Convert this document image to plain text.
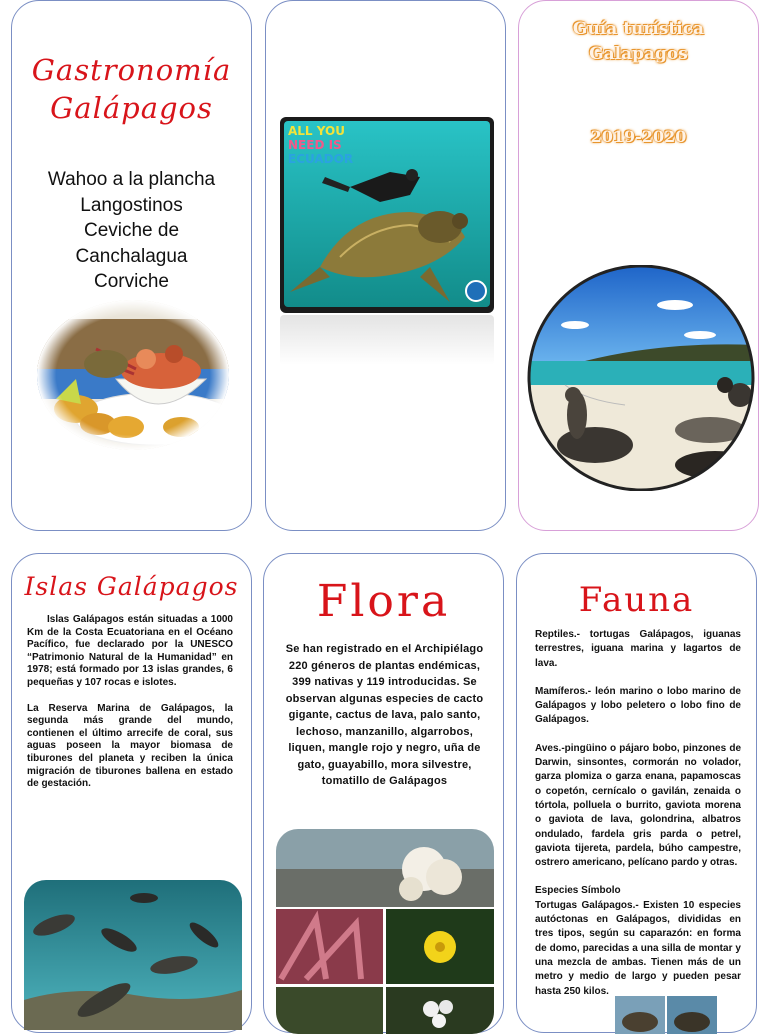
Gastronomía
Galápagos
Wahoo a la plancha
Langostinos
Ceviche de
Canchalagua
Corviche
ALL YOU
NEED IS
ECUADOR
Guía turística
Galapagos
2019-2020
Islas Galápagos

Islas Galápagos están situadas a 1000 Km de la Costa Ecuatoriana en el Océano Pacífico, fue declarado por la UNESCO “Patrimonio Natural de la Humanidad” en 1978; está formado por 13 islas grandes, 6 pequeñas y 107 rocas e islotes.

La Reserva Marina de Galápagos, la segunda más grande del mundo, contienen el último arrecife de coral, sus aguas poseen la mayor biomasa de tiburones del planeta y reciben la única migración de tiburones ballena en estado de gestación.

Flora
Se han registrado en el Archipiélago 220 géneros de plantas endémicas, 399 nativas y 119 introducidas. Se observan algunas especies de cacto gigante, cactus de lava, palo santo, lechoso, manzanillo, algarrobos, liquen, mangle rojo y negro, uña de gato, guayabillo, mora silvestre, tomatillo de Galápagos
Fauna

Reptiles.- tortugas Galápagos, iguanas terrestres, iguana marina y lagartos de lava.

Mamíferos.- león marino o lobo marino de Galápagos y lobo peletero o lobo fino de Galápagos.

Aves.-pingüino o pájaro bobo, pinzones de Darwin, sinsontes, cormorán no volador, garza plomiza o garza enana, papamoscas o copetón, cernícalo o gavilán, zenaida o tórtola, polluela o burrito, gaviota morena o gaviota de lava, golondrina, albatros ondulado, fardela gris parda o petrel, gaviota tijereta, pardela, búho campestre, ostrero americano, pelícano pardo y otras.

Especies Símbolo

Tortugas Galápagos.- Existen 10 especies autóctonas en Galápagos, divididas en tres tipos, según su caparazón: en forma de domo, parecidas a una silla de montar y una mezcla de ambas. Tienen más de un metro y medio de largo y pueden pesar hasta 250 kilos.
